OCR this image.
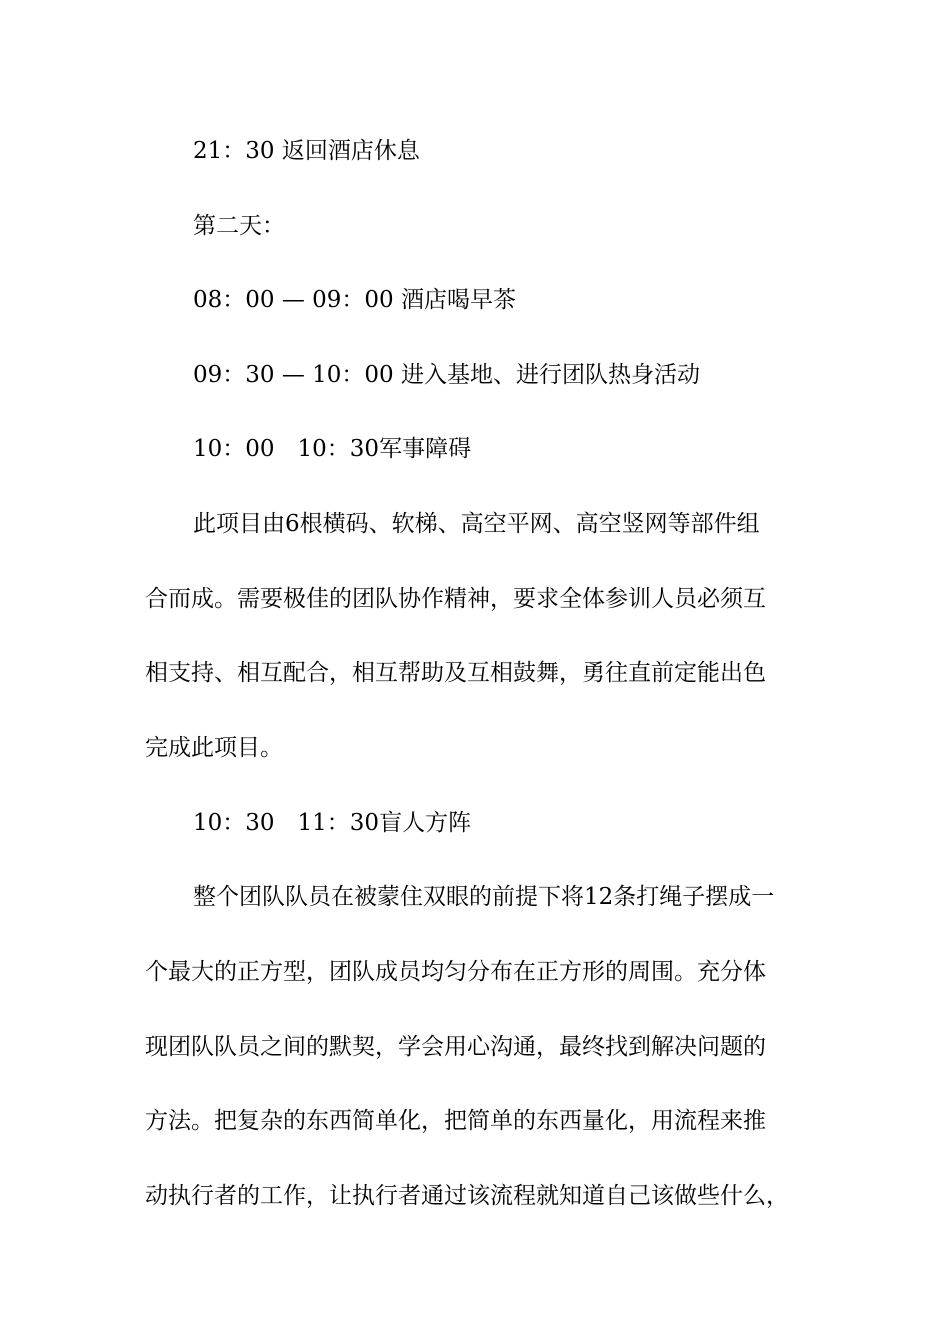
21：30 返回酒店休息
第二天：
08：00 — 09：00 酒店喝早茶
09：30 — 10：00 进入基地、进行团队热身活动
10：00　10：30军事障碍
此项目由6根横码、软梯、高空平网、高空竖网等部件组
合而成。需要极佳的团队协作精神，要求全体参训人员必须互
相支持、相互配合，相互帮助及互相鼓舞，勇往直前定能出色
完成此项目。
10：30　11：30盲人方阵
整个团队队员在被蒙住双眼的前提下将12条打绳子摆成一
个最大的正方型，团队成员均匀分布在正方形的周围。充分体
现团队队员之间的默契，学会用心沟通，最终找到解决问题的
方法。把复杂的东西简单化，把简单的东西量化，用流程来推
动执行者的工作，让执行者通过该流程就知道自己该做些什么，
